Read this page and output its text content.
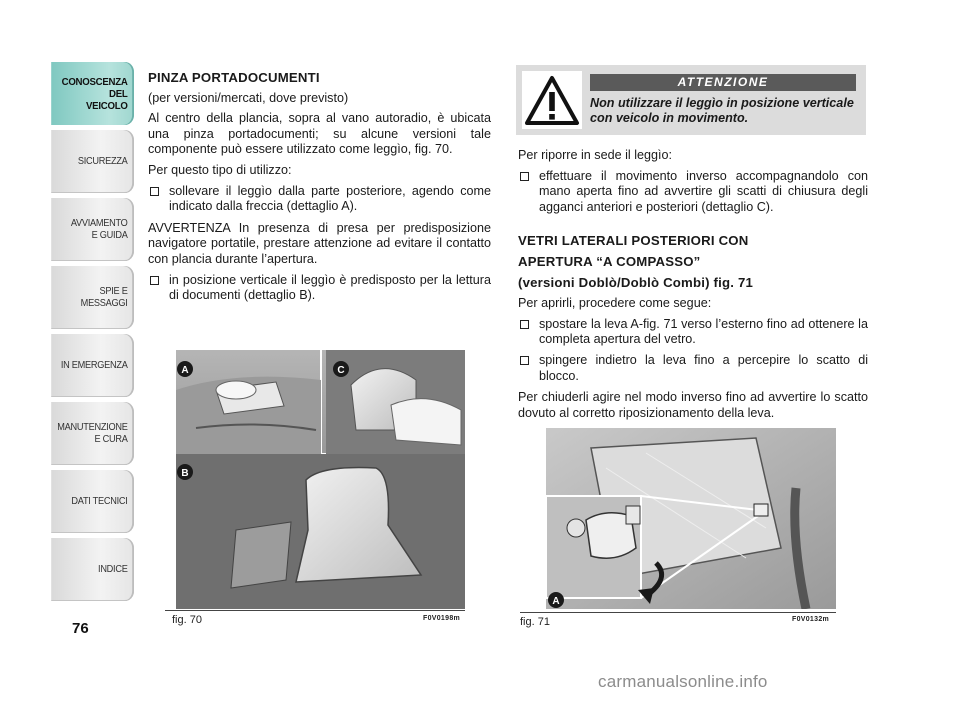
CONOSCENZA
DEL
VEICOLO
SICUREZZA
AVVIAMENTO
E GUIDA
SPIE E
MESSAGGI
IN EMERGENZA
MANUTENZIONE
E CURA
DATI TECNICI
INDICE
76

PINZA PORTADOCUMENTI

(per versioni/mercati, dove previsto)

Al centro della plancia, sopra al vano autoradio, è ubicata una pinza portadocumenti; su alcune versioni tale componente può essere utilizzato come leggìo, fig. 70.

Per questo tipo di utilizzo:

sollevare il leggìo dalla parte posteriore, agendo come indicato dalla freccia (dettaglio A).

AVVERTENZA In presenza di presa per predisposizione navigatore portatile, prestare attenzione ad evitare il contatto con plancia durante l’apertura.

in posizione verticale il leggìo è predisposto per la lettura di documenti (dettaglio B).
ATTENZIONE
Non utilizzare il leggìo in posizione verticale con veicolo in movimento.

Per riporre in sede il leggìo:

effettuare il movimento inverso accompagnandolo con mano aperta fino ad avvertire gli scatti di chiusura degli agganci anteriori e posteriori (dettaglio C).

VETRI LATERALI POSTERIORI CON

APERTURA “A COMPASSO”

(versioni Doblò/Doblò Combi) fig. 71

Per aprirli, procedere come segue:

spostare la leva A-fig. 71 verso l’esterno fino ad ottenere la completa apertura del vetro.
spingere indietro la leva fino a percepire lo scatto di blocco.

Per chiuderli agire nel modo inverso fino ad avvertire lo scatto dovuto al corretto riposizionamento della leva.

A	C
B
fig. 70	F0V0198m
A
fig. 71	F0V0132m
carmanualsonline.info
